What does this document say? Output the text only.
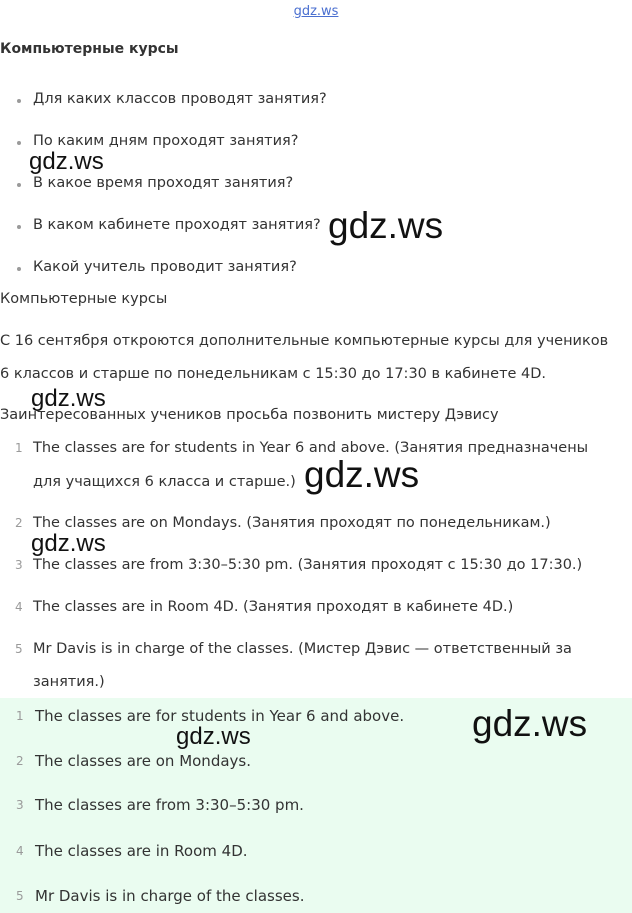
gdz.ws
Компьютерные курсы
Для каких классов проводят занятия?
По каким дням проходят занятия?
В какое время проходят занятия?
В каком кабинете проходят занятия?
Какой учитель проводит занятия?
Компьютерные курсы
С 16 сентября откроются дополнительные компьютерные курсы для учеников
6 классов и старше по понедельникам с 15:30 до 17:30 в кабинете 4D.
Заинтересованных учеников просьба позвонить мистеру Дэвису
1 The classes are for students in Year 6 and above. (Занятия предназначены
для учащихся 6 класса и старше.)
2 The classes are on Mondays. (Занятия проходят по понедельникам.)
3 The classes are from 3:30–5:30 pm. (Занятия проходят с 15:30 до 17:30.)
4 The classes are in Room 4D. (Занятия проходят в кабинете 4D.)
5 Mr Davis is in charge of the classes. (Мистер Дэвис — ответственный за
занятия.)
1 The classes are for students in Year 6 and above.
2 The classes are on Mondays.
3 The classes are from 3:30–5:30 pm.
4 The classes are in Room 4D.
5 Mr Davis is in charge of the classes.
gdz.ws
gdz.ws
gdz.ws
gdz.ws
gdz.ws
gdz.ws
gdz.ws
